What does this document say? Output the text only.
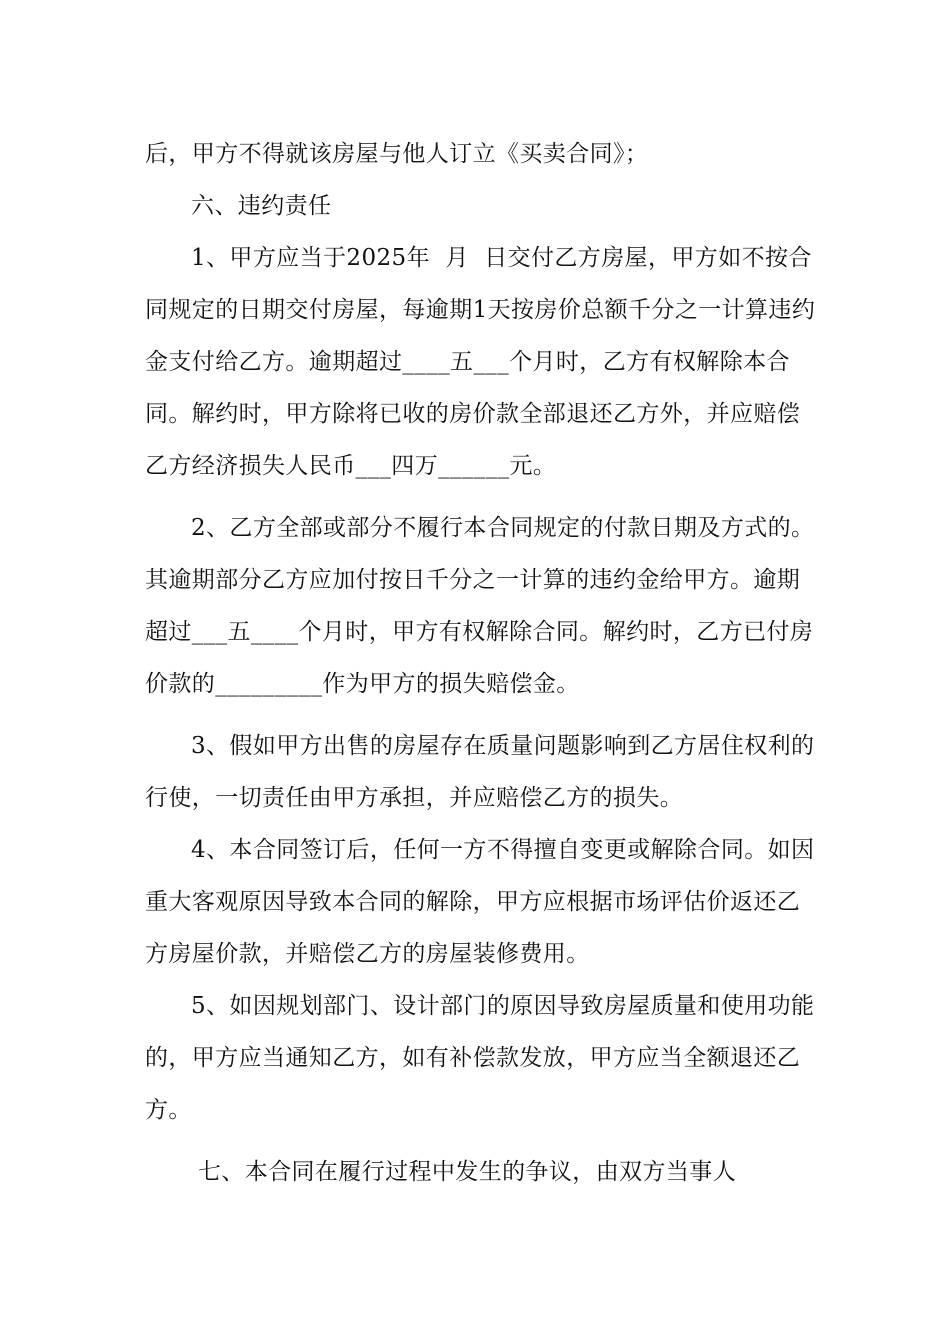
后，甲方不得就该房屋与他人订立《买卖合同》；

六、违约责任

1、甲方应当于2025年  月  日交付乙方房屋，甲方如不按合同规定的日期交付房屋，每逾期1天按房价总额千分之一计算违约金支付给乙方。逾期超过____五___个月时，乙方有权解除本合同。解约时，甲方除将已收的房价款全部退还乙方外，并应赔偿乙方经济损失人民币___四万______元。

2、乙方全部或部分不履行本合同规定的付款日期及方式的。其逾期部分乙方应加付按日千分之一计算的违约金给甲方。逾期超过___五____个月时，甲方有权解除合同。解约时，乙方已付房价款的_________作为甲方的损失赔偿金。

3、假如甲方出售的房屋存在质量问题影响到乙方居住权利的行使，一切责任由甲方承担，并应赔偿乙方的损失。

4、本合同签订后，任何一方不得擅自变更或解除合同。如因重大客观原因导致本合同的解除，甲方应根据市场评估价返还乙方房屋价款，并赔偿乙方的房屋装修费用。

5、如因规划部门、设计部门的原因导致房屋质量和使用功能的，甲方应当通知乙方，如有补偿款发放，甲方应当全额退还乙方。

七、本合同在履行过程中发生的争议，由双方当事人
